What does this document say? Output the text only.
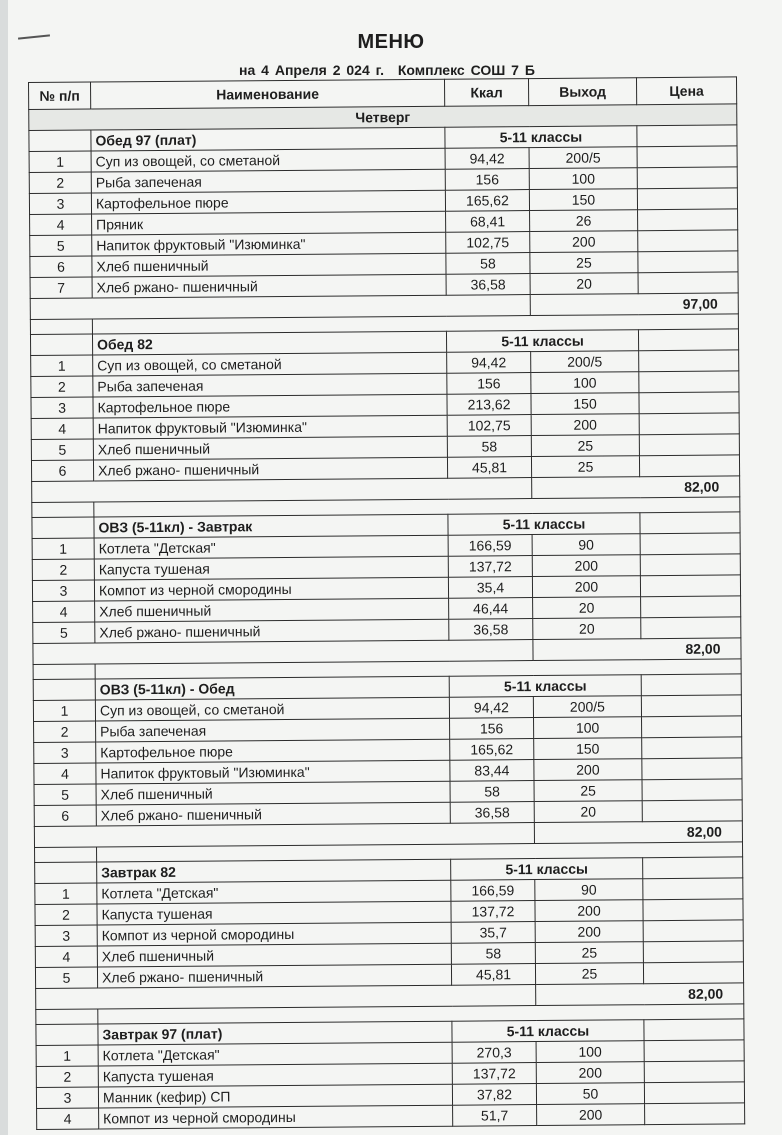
МЕНЮ
на 4 Апреля 2 024 г. Комплекс СОШ 7 Б
№ п/п	Наименование	Ккал	Выход	Цена
Четверг				
	Обед 97 (плат)	5-11 классы		
1	Суп из овощей, со сметаной	94,42	200/5	
2	Рыба запеченая	156	100	
3	Картофельное пюре	165,62	150	
4	Пряник	68,41	26	
5	Напиток фруктовый "Изюминка"	102,75	200	
6	Хлеб пшеничный	58	25	
7	Хлеб ржано- пшеничный	36,58	20	
			97,00	

	Обед 82	5-11 классы		
1	Суп из овощей, со сметаной	94,42	200/5	
2	Рыба запеченая	156	100	
3	Картофельное пюре	213,62	150	
4	Напиток фруктовый "Изюминка"	102,75	200	
5	Хлеб пшеничный	58	25	
6	Хлеб ржано- пшеничный	45,81	25	
			82,00	

	ОВЗ (5-11кл) - Завтрак	5-11 классы		
1	Котлета "Детская"	166,59	90	
2	Капуста тушеная	137,72	200	
3	Компот из черной смородины	35,4	200	
4	Хлеб пшеничный	46,44	20	
5	Хлеб ржано- пшеничный	36,58	20	
			82,00	

	ОВЗ (5-11кл) - Обед	5-11 классы		
1	Суп из овощей, со сметаной	94,42	200/5	
2	Рыба запеченая	156	100	
3	Картофельное пюре	165,62	150	
4	Напиток фруктовый "Изюминка"	83,44	200	
5	Хлеб пшеничный	58	25	
6	Хлеб ржано- пшеничный	36,58	20	
			82,00	

	Завтрак 82	5-11 классы		
1	Котлета "Детская"	166,59	90	
2	Капуста тушеная	137,72	200	
3	Компот из черной смородины	35,7	200	
4	Хлеб пшеничный	58	25	
5	Хлеб ржано- пшеничный	45,81	25	
			82,00	

	Завтрак 97 (плат)	5-11 классы		
1	Котлета "Детская"	270,3	100	
2	Капуста тушеная	137,72	200	
3	Манник (кефир) СП	37,82	50	
4	Компот из черной смородины	51,7	200	
